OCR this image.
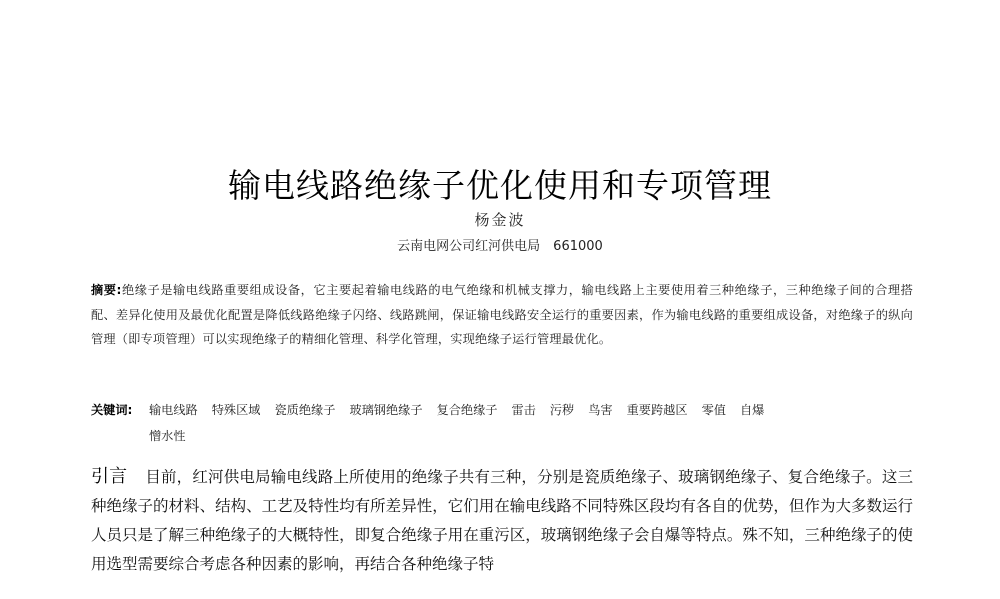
输电线路绝缘子优化使用和专项管理
杨金波
云南电网公司红河供电局　661000
摘要:绝缘子是输电线路重要组成设备，它主要起着输电线路的电气绝缘和机械支撑力，输电线路上主要使用着三种绝缘子，三种绝缘子间的合理搭配、差异化使用及最优化配置是降低线路绝缘子闪络、线路跳闸，保证输电线路安全运行的重要因素，作为输电线路的重要组成设备，对绝缘子的纵向管理（即专项管理）可以实现绝缘子的精细化管理、科学化管理，实现绝缘子运行管理最优化。
关键词: 输电线路 特殊区域 瓷质绝缘子 玻璃钢绝缘子 复合绝缘子 雷击 污秽 鸟害 重要跨越区 零值 自爆
憎水性
引言 目前，红河供电局输电线路上所使用的绝缘子共有三种，分别是瓷质绝缘子、玻璃钢绝缘子、复合绝缘子。这三种绝缘子的材料、结构、工艺及特性均有所差异性，它们用在输电线路不同特殊区段均有各自的优势，但作为大多数运行人员只是了解三种绝缘子的大概特性，即复合绝缘子用在重污区，玻璃钢绝缘子会自爆等特点。殊不知，三种绝缘子的使用选型需要综合考虑各种因素的影响，再结合各种绝缘子特
